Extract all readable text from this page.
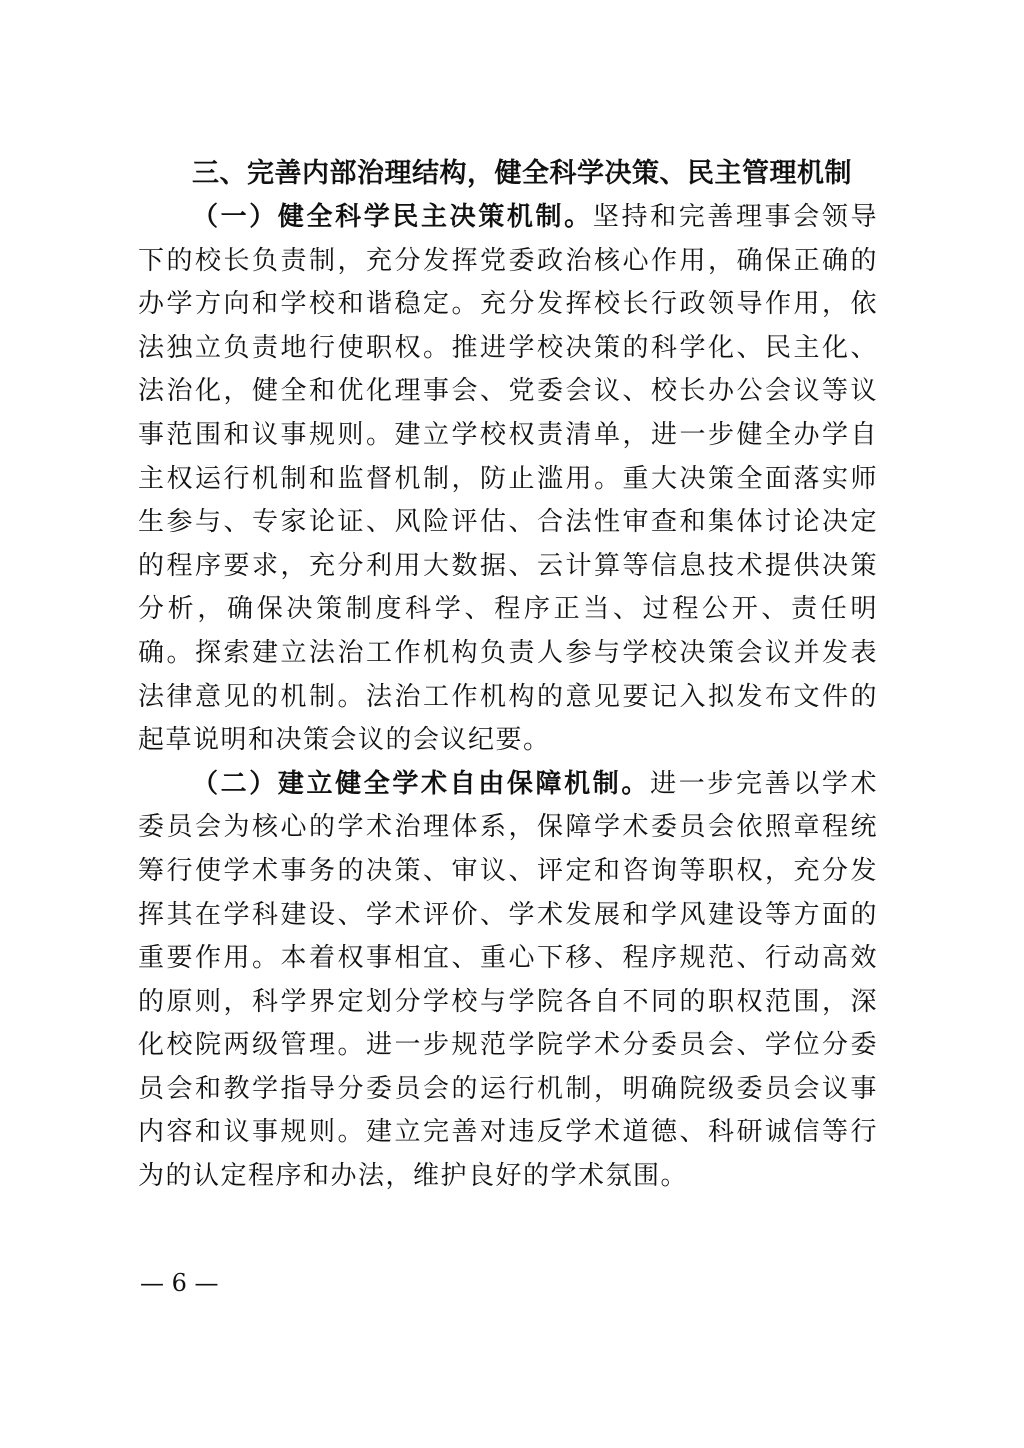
三、完善内部治理结构，健全科学决策、民主管理机制

（一）健全科学民主决策机制。坚持和完善理事会领导下的校长负责制，充分发挥党委政治核心作用，确保正确的办学方向和学校和谐稳定。充分发挥校长行政领导作用，依法独立负责地行使职权。推进学校决策的科学化、民主化、法治化，健全和优化理事会、党委会议、校长办公会议等议事范围和议事规则。建立学校权责清单，进一步健全办学自主权运行机制和监督机制，防止滥用。重大决策全面落实师生参与、专家论证、风险评估、合法性审查和集体讨论决定的程序要求，充分利用大数据、云计算等信息技术提供决策分析，确保决策制度科学、程序正当、过程公开、责任明确。探索建立法治工作机构负责人参与学校决策会议并发表法律意见的机制。法治工作机构的意见要记入拟发布文件的起草说明和决策会议的会议纪要。

（二）建立健全学术自由保障机制。进一步完善以学术委员会为核心的学术治理体系，保障学术委员会依照章程统筹行使学术事务的决策、审议、评定和咨询等职权，充分发挥其在学科建设、学术评价、学术发展和学风建设等方面的重要作用。本着权事相宜、重心下移、程序规范、行动高效的原则，科学界定划分学校与学院各自不同的职权范围，深化校院两级管理。进一步规范学院学术分委员会、学位分委员会和教学指导分委员会的运行机制，明确院级委员会议事内容和议事规则。建立完善对违反学术道德、科研诚信等行为的认定程序和办法，维护良好的学术氛围。

— 6 —
